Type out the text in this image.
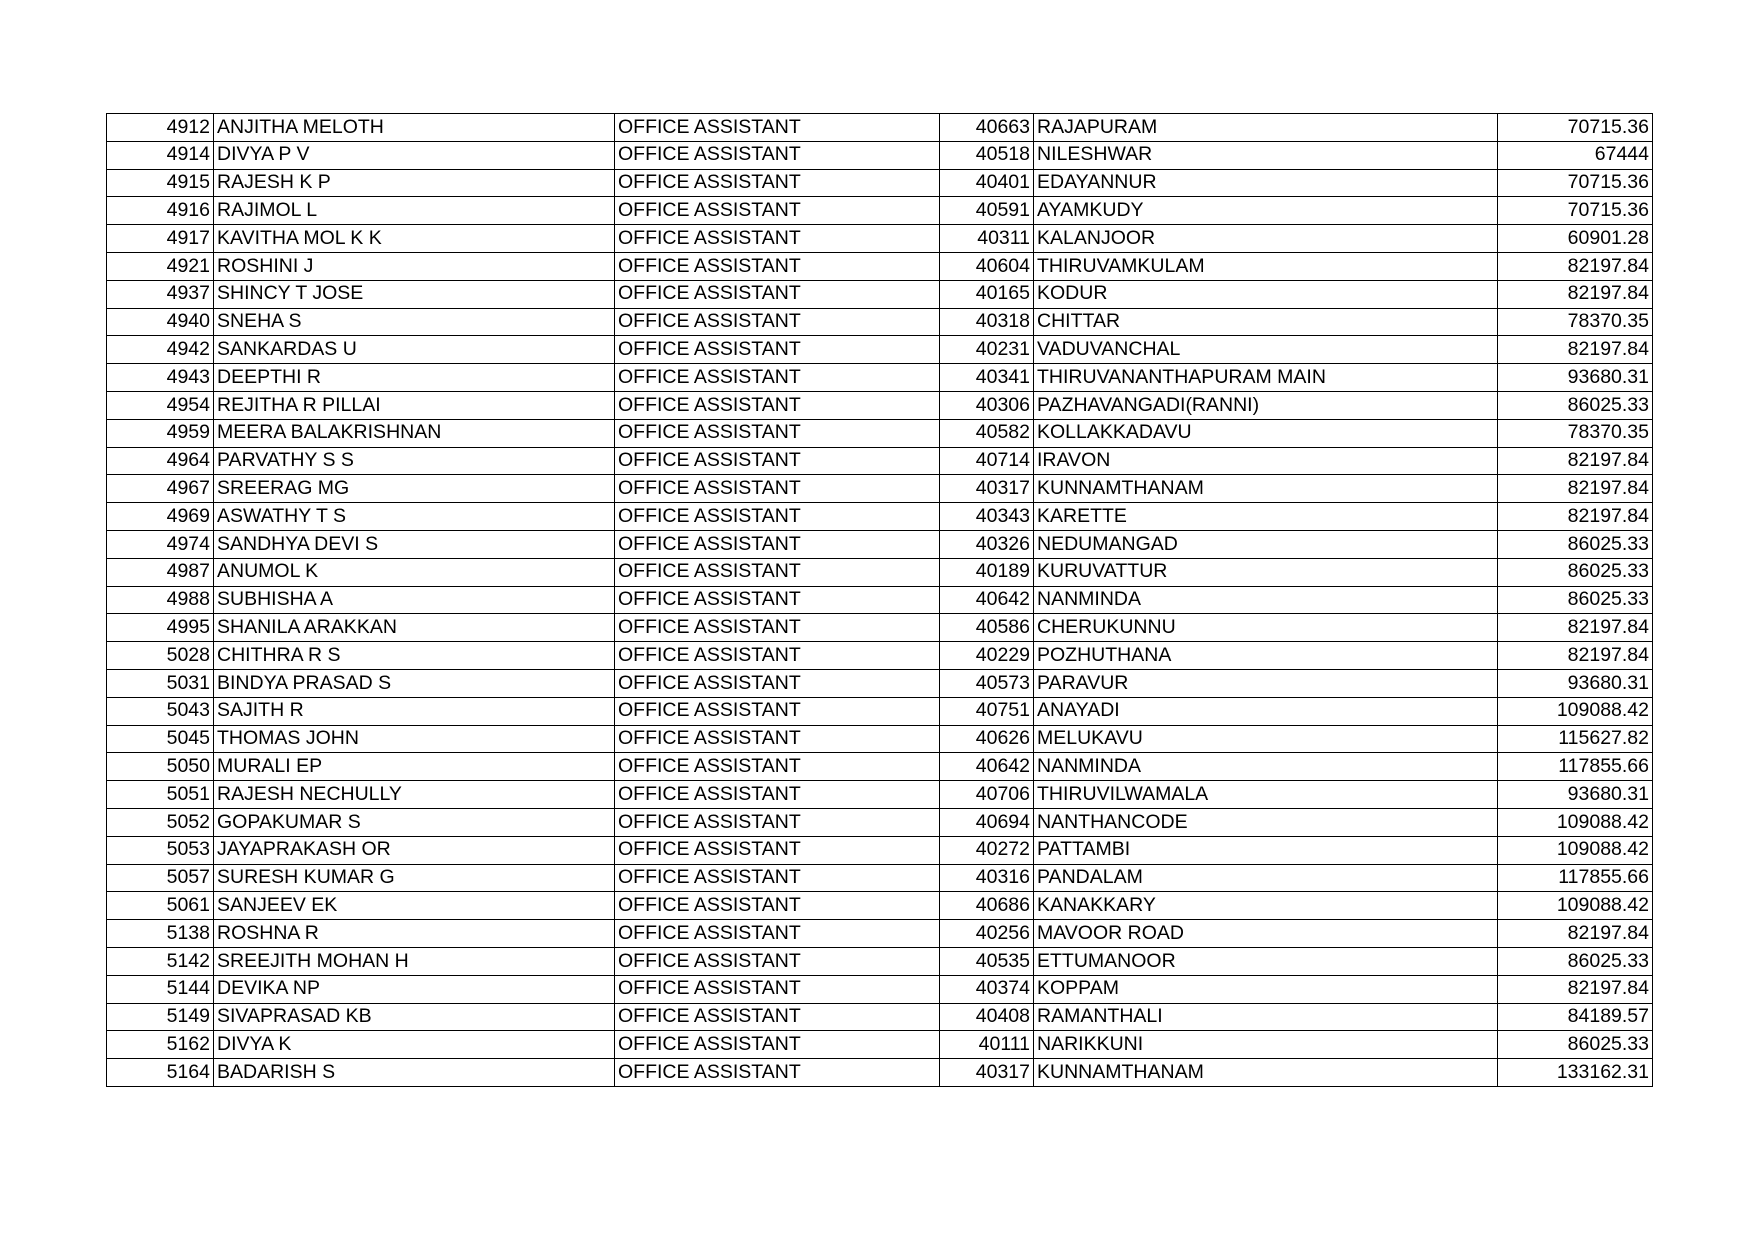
4912	ANJITHA MELOTH	OFFICE ASSISTANT	40663	RAJAPURAM	70715.36
4914	DIVYA P V	OFFICE ASSISTANT	40518	NILESHWAR	67444
4915	RAJESH K P	OFFICE ASSISTANT	40401	EDAYANNUR	70715.36
4916	RAJIMOL L	OFFICE ASSISTANT	40591	AYAMKUDY	70715.36
4917	KAVITHA MOL K K	OFFICE ASSISTANT	40311	KALANJOOR	60901.28
4921	ROSHINI J	OFFICE ASSISTANT	40604	THIRUVAMKULAM	82197.84
4937	SHINCY T JOSE	OFFICE ASSISTANT	40165	KODUR	82197.84
4940	SNEHA S	OFFICE ASSISTANT	40318	CHITTAR	78370.35
4942	SANKARDAS U	OFFICE ASSISTANT	40231	VADUVANCHAL	82197.84
4943	DEEPTHI R	OFFICE ASSISTANT	40341	THIRUVANANTHAPURAM MAIN	93680.31
4954	REJITHA R PILLAI	OFFICE ASSISTANT	40306	PAZHAVANGADI(RANNI)	86025.33
4959	MEERA BALAKRISHNAN	OFFICE ASSISTANT	40582	KOLLAKKADAVU	78370.35
4964	PARVATHY S S	OFFICE ASSISTANT	40714	IRAVON	82197.84
4967	SREERAG MG	OFFICE ASSISTANT	40317	KUNNAMTHANAM	82197.84
4969	ASWATHY T S	OFFICE ASSISTANT	40343	KARETTE	82197.84
4974	SANDHYA DEVI S	OFFICE ASSISTANT	40326	NEDUMANGAD	86025.33
4987	ANUMOL K	OFFICE ASSISTANT	40189	KURUVATTUR	86025.33
4988	SUBHISHA A	OFFICE ASSISTANT	40642	NANMINDA	86025.33
4995	SHANILA ARAKKAN	OFFICE ASSISTANT	40586	CHERUKUNNU	82197.84
5028	CHITHRA R S	OFFICE ASSISTANT	40229	POZHUTHANA	82197.84
5031	BINDYA PRASAD S	OFFICE ASSISTANT	40573	PARAVUR	93680.31
5043	SAJITH R	OFFICE ASSISTANT	40751	ANAYADI	109088.42
5045	THOMAS JOHN	OFFICE ASSISTANT	40626	MELUKAVU	115627.82
5050	MURALI EP	OFFICE ASSISTANT	40642	NANMINDA	117855.66
5051	RAJESH NECHULLY	OFFICE ASSISTANT	40706	THIRUVILWAMALA	93680.31
5052	GOPAKUMAR S	OFFICE ASSISTANT	40694	NANTHANCODE	109088.42
5053	JAYAPRAKASH OR	OFFICE ASSISTANT	40272	PATTAMBI	109088.42
5057	SURESH KUMAR G	OFFICE ASSISTANT	40316	PANDALAM	117855.66
5061	SANJEEV EK	OFFICE ASSISTANT	40686	KANAKKARY	109088.42
5138	ROSHNA R	OFFICE ASSISTANT	40256	MAVOOR ROAD	82197.84
5142	SREEJITH MOHAN H	OFFICE ASSISTANT	40535	ETTUMANOOR	86025.33
5144	DEVIKA NP	OFFICE ASSISTANT	40374	KOPPAM	82197.84
5149	SIVAPRASAD KB	OFFICE ASSISTANT	40408	RAMANTHALI	84189.57
5162	DIVYA K	OFFICE ASSISTANT	40111	NARIKKUNI	86025.33
5164	BADARISH S	OFFICE ASSISTANT	40317	KUNNAMTHANAM	133162.31
